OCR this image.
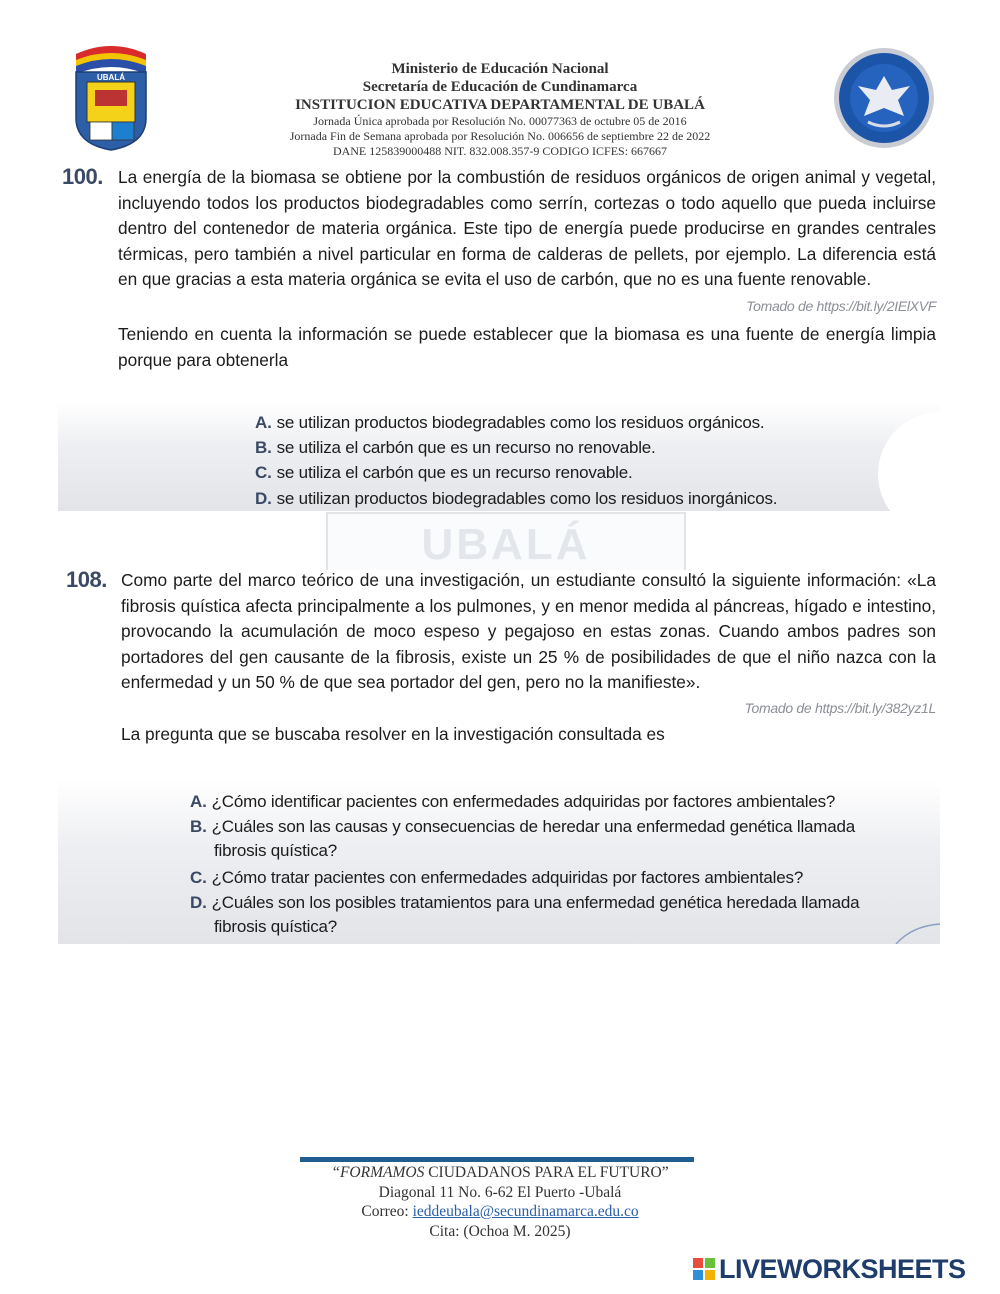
UBALÁ
Ministerio de Educación Nacional
Secretaría de Educación de Cundinamarca
INSTITUCION EDUCATIVA DEPARTAMENTAL DE UBALÁ
Jornada Única aprobada por Resolución No. 00077363 de octubre 05 de 2016
Jornada Fin de Semana aprobada por Resolución No. 006656 de septiembre 22 de 2022
DANE 125839000488 NIT. 832.008.357-9 CODIGO ICFES: 667667
100. La energía de la biomasa se obtiene por la combustión de residuos orgánicos de origen animal y vegetal, incluyendo todos los productos biodegradables como serrín, cortezas o todo aquello que pueda incluirse dentro del contenedor de materia orgánica. Este tipo de energía puede producirse en grandes centrales térmicas, pero también a nivel particular en forma de calderas de pellets, por ejemplo. La diferencia está en que gracias a esta materia orgánica se evita el uso de carbón, que no es una fuente renovable.
Tomado de https://bit.ly/2IElXVF
Teniendo en cuenta la información se puede establecer que la biomasa es una fuente de energía limpia porque para obtenerla
A. se utilizan productos biodegradables como los residuos orgánicos.
B. se utiliza el carbón que es un recurso no renovable.
C. se utiliza el carbón que es un recurso renovable.
D. se utilizan productos biodegradables como los residuos inorgánicos.
UBALÁ
108. Como parte del marco teórico de una investigación, un estudiante consultó la siguiente información: «La fibrosis quística afecta principalmente a los pulmones, y en menor medida al páncreas, hígado e intestino, provocando la acumulación de moco espeso y pegajoso en estas zonas. Cuando ambos padres son portadores del gen causante de la fibrosis, existe un 25 % de posibilidades de que el niño nazca con la enfermedad y un 50 % de que sea portador del gen, pero no la manifieste».
Tomado de https://bit.ly/382yz1L
La pregunta que se buscaba resolver en la investigación consultada es
A. ¿Cómo identificar pacientes con enfermedades adquiridas por factores ambientales?
B. ¿Cuáles son las causas y consecuencias de heredar una enfermedad genética llamada
fibrosis quística?
C. ¿Cómo tratar pacientes con enfermedades adquiridas por factores ambientales?
D. ¿Cuáles son los posibles tratamientos para una enfermedad genética heredada llamada
fibrosis quística?
“FORMAMOS CIUDADANOS PARA EL FUTURO”
Diagonal 11 No. 6-62 El Puerto -Ubalá
Correo: ieddeubala@secundinamarca.edu.co
Cita: (Ochoa M. 2025)
LIVEWORKSHEETS
